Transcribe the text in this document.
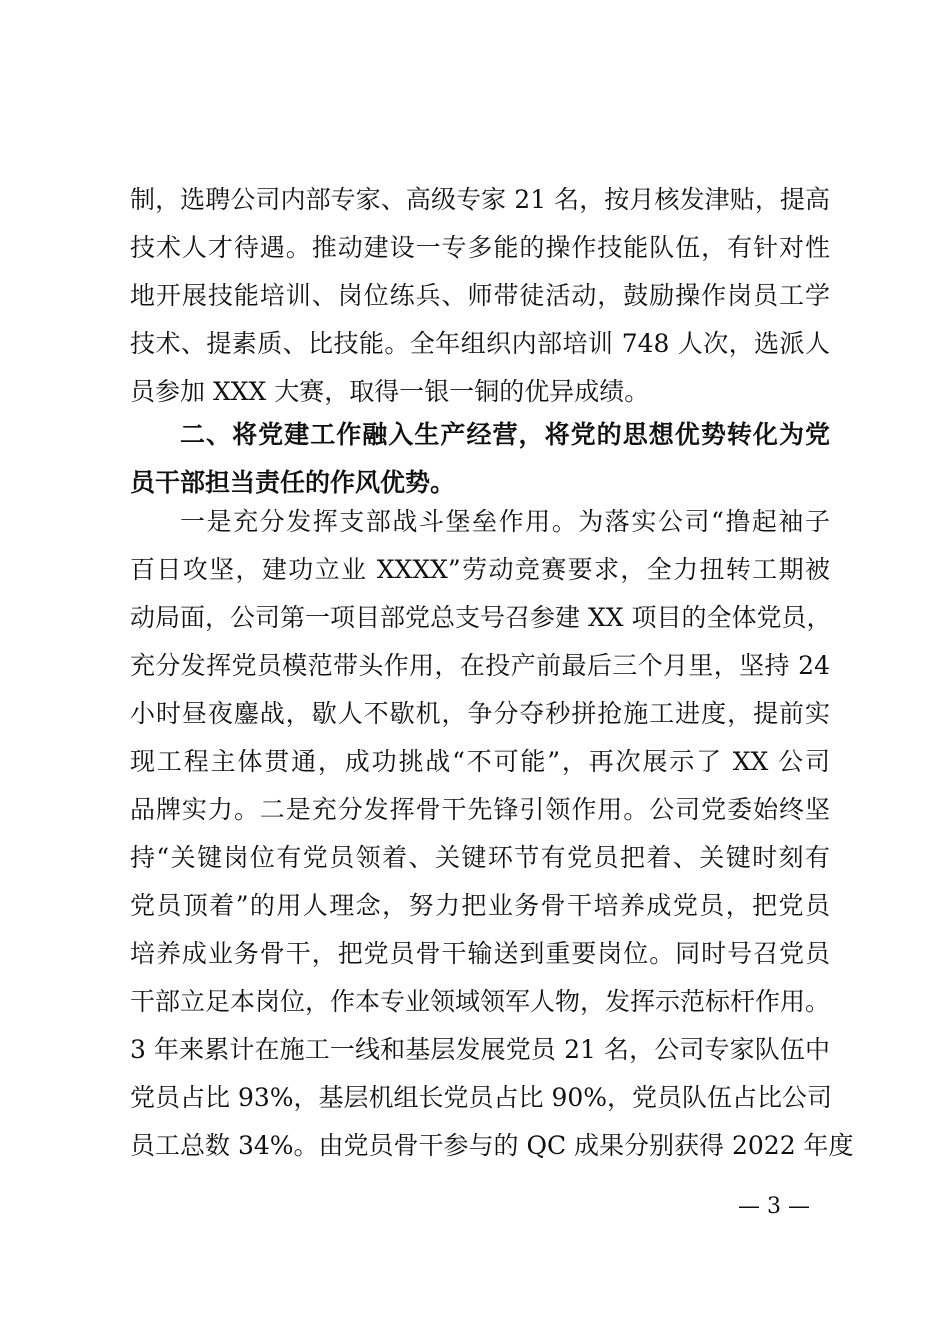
制，选聘公司内部专家、高级专家 21 名，按月核发津贴，提高
技术人才待遇。推动建设一专多能的操作技能队伍，有针对性
地开展技能培训、岗位练兵、师带徒活动，鼓励操作岗员工学
技术、提素质、比技能。全年组织内部培训 748 人次，选派人
员参加 XXX 大赛，取得一银一铜的优异成绩。
二、将党建工作融入生产经营，将党的思想优势转化为党
员干部担当责任的作风优势。
一是充分发挥支部战斗堡垒作用。为落实公司“撸起袖子
百日攻坚，建功立业 XXXX”劳动竞赛要求，全力扭转工期被
动局面，公司第一项目部党总支号召参建 XX 项目的全体党员，
充分发挥党员模范带头作用，在投产前最后三个月里，坚持 24
小时昼夜鏖战，歇人不歇机，争分夺秒拼抢施工进度，提前实
现工程主体贯通，成功挑战“不可能”，再次展示了 XX 公司
品牌实力。二是充分发挥骨干先锋引领作用。公司党委始终坚
持“关键岗位有党员领着、关键环节有党员把着、关键时刻有
党员顶着”的用人理念，努力把业务骨干培养成党员，把党员
培养成业务骨干，把党员骨干输送到重要岗位。同时号召党员
干部立足本岗位，作本专业领域领军人物，发挥示范标杆作用。
3 年来累计在施工一线和基层发展党员 21 名，公司专家队伍中
党员占比 93%，基层机组长党员占比 90%，党员队伍占比公司
员工总数 34%。由党员骨干参与的 QC 成果分别获得 2022 年度
— 3 —
